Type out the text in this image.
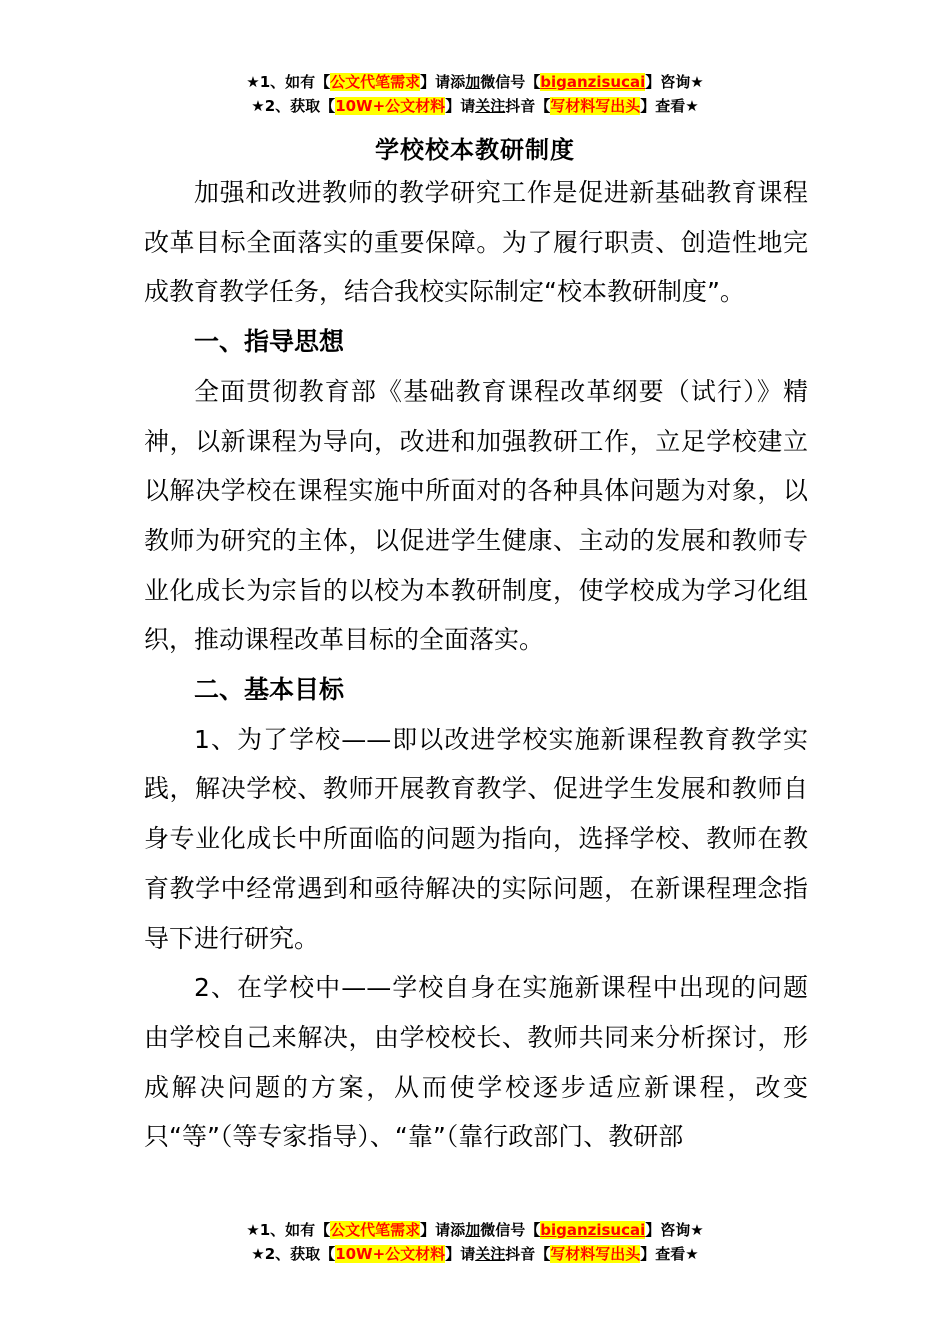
★1、如有【公文代笔需求】请添加微信号【biganzisucai】咨询★
★2、获取【10W+公文材料】请关注抖音【写材料写出头】查看★
学校校本教研制度

加强和改进教师的教学研究工作是促进新基础教育课程改革目标全面落实的重要保障。为了履行职责、创造性地完成教育教学任务，结合我校实际制定“校本教研制度”。

一、指导思想

全面贯彻教育部《基础教育课程改革纲要（试行）》精神，以新课程为导向，改进和加强教研工作，立足学校建立以解决学校在课程实施中所面对的各种具体问题为对象，以教师为研究的主体，以促进学生健康、主动的发展和教师专业化成长为宗旨的以校为本教研制度，使学校成为学习化组织，推动课程改革目标的全面落实。

二、基本目标

1、为了学校——即以改进学校实施新课程教育教学实践，解决学校、教师开展教育教学、促进学生发展和教师自身专业化成长中所面临的问题为指向，选择学校、教师在教育教学中经常遇到和亟待解决的实际问题，在新课程理念指导下进行研究。

2、在学校中——学校自身在实施新课程中出现的问题由学校自己来解决，由学校校长、教师共同来分析探讨，形成解决问题的方案，从而使学校逐步适应新课程，改变只“等”（等专家指导）、“靠”（靠行政部门、教研部

★1、如有【公文代笔需求】请添加微信号【biganzisucai】咨询★
★2、获取【10W+公文材料】请关注抖音【写材料写出头】查看★
